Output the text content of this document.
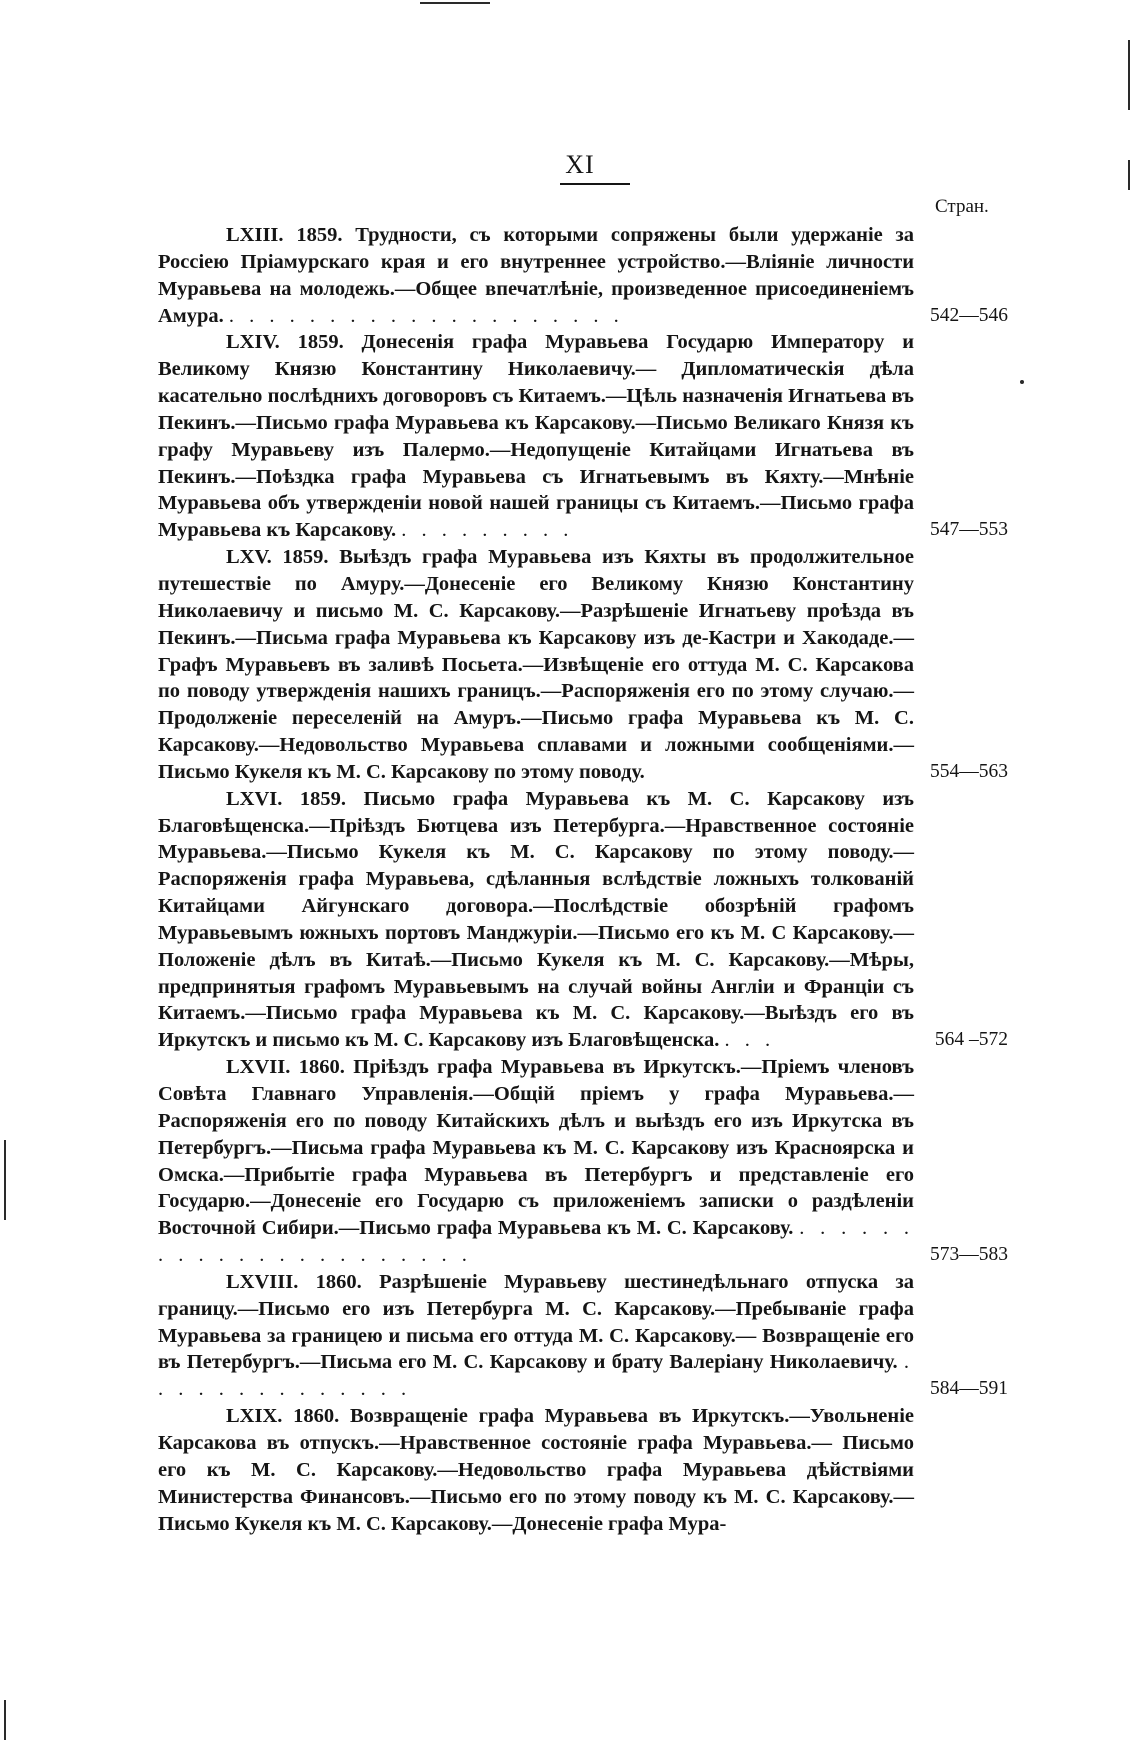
XI
Стран.

LXIII. 1859. Трудности, съ которыми сопряжены были удержаніе за Россіею Пріамурскаго края и его внутреннее устройство.—Вліяніе личности Муравьева на молодежь.—Общее впечатлѣніе, произведенное присоединеніемъ Амура. . . . . . . . . . . . . . . . . . . . .	542—546

LXIV. 1859. Донесенія графа Муравьева Государю Императору и Великому Князю Константину Николаевичу.— Дипломатическія дѣла касательно послѣднихъ договоровъ съ Китаемъ.—Цѣль назначенія Игнатьева въ Пекинъ.—Письмо графа Муравьева къ Карсакову.—Письмо Великаго Князя къ графу Муравьеву изъ Палермо.—Недопущеніе Китайцами Игнатьева въ Пекинъ.—Поѣздка графа Муравьева съ Игнатьевымъ въ Кяхту.—Мнѣніе Муравьева объ утвержденіи новой нашей границы съ Китаемъ.—Письмо графа Муравьева къ Карсакову. . . . . . . . . .	547—553

LXV. 1859. Выѣздъ графа Муравьева изъ Кяхты въ продолжительное путешествіе по Амуру.—Донесеніе его Великому Князю Константину Николаевичу и письмо М. С. Карсакову.—Разрѣшеніе Игнатьеву проѣзда въ Пекинъ.—Письма графа Муравьева къ Карсакову изъ де-Кастри и Хакодаде.—Графъ Муравьевъ въ заливѣ Посьета.—Извѣщеніе его оттуда М. С. Карсакова по поводу утвержденія нашихъ границъ.—Распоряженія его по этому случаю.—Продолженіе переселеній на Амуръ.—Письмо графа Муравьева къ М. С. Карсакову.—Недовольство Муравьева сплавами и ложными сообщеніями.—Письмо Кукеля къ М. С. Карсакову по этому поводу.	554—563

LXVI. 1859. Письмо графа Муравьева къ М. С. Карсакову изъ Благовѣщенска.—Пріѣздъ Бютцева изъ Петербурга.—Нравственное состояніе Муравьева.—Письмо Кукеля къ М. С. Карсакову по этому поводу.— Распоряженія графа Муравьева, сдѣланныя вслѣдствіе ложныхъ толкованій Китайцами Айгунскаго договора.—Послѣдствіе обозрѣній графомъ Муравьевымъ южныхъ портовъ Манджуріи.—Письмо его къ М. С Карсакову.— Положеніе дѣлъ въ Китаѣ.—Письмо Кукеля къ М. С. Карсакову.—Мѣры, предпринятыя графомъ Муравьевымъ на случай войны Англіи и Франціи съ Китаемъ.—Письмо графа Муравьева къ М. С. Карсакову.—Выѣздъ его въ Иркутскъ и письмо къ М. С. Карсакову изъ Благовѣщенска. . . .	564 –572

LXVII. 1860. Пріѣздъ графа Муравьева въ Иркутскъ.—Пріемъ членовъ Совѣта Главнаго Управленія.—Общій пріемъ у графа Муравьева.—Распоряженія его по поводу Китайскихъ дѣлъ и выѣздъ его изъ Иркутска въ Петербургъ.—Письма графа Муравьева къ М. С. Карсакову изъ Красноярска и Омска.—Прибытіе графа Муравьева въ Петербургъ и представленіе его Государю.—Донесеніе его Государю съ приложеніемъ записки о раздѣленіи Восточной Сибири.—Письмо графа Муравьева къ М. С. Карсакову. . . . . . . . . . . . . . . . . . . . . . .	573—583

LXVIII. 1860. Разрѣшеніе Муравьеву шестинедѣльнаго отпуска за границу.—Письмо его изъ Петербурга М. С. Карсакову.—Пребываніе графа Муравьева за границею и письма его оттуда М. С. Карсакову.— Возвращеніе его въ Петербургъ.—Письма его М. С. Карсакову и брату Валеріану Николаевичу. . . . . . . . . . . . . . .	584—591

LXIX. 1860. Возвращеніе графа Муравьева въ Иркутскъ.—Увольненіе Карсакова въ отпускъ.—Нравственное состояніе графа Муравьева.— Письмо его къ М. С. Карсакову.—Недовольство графа Муравьева дѣйствіями Министерства Финансовъ.—Письмо его по этому поводу къ М. С. Карсакову.—Письмо Кукеля къ М. С. Карсакову.—Донесеніе графа Мура-
